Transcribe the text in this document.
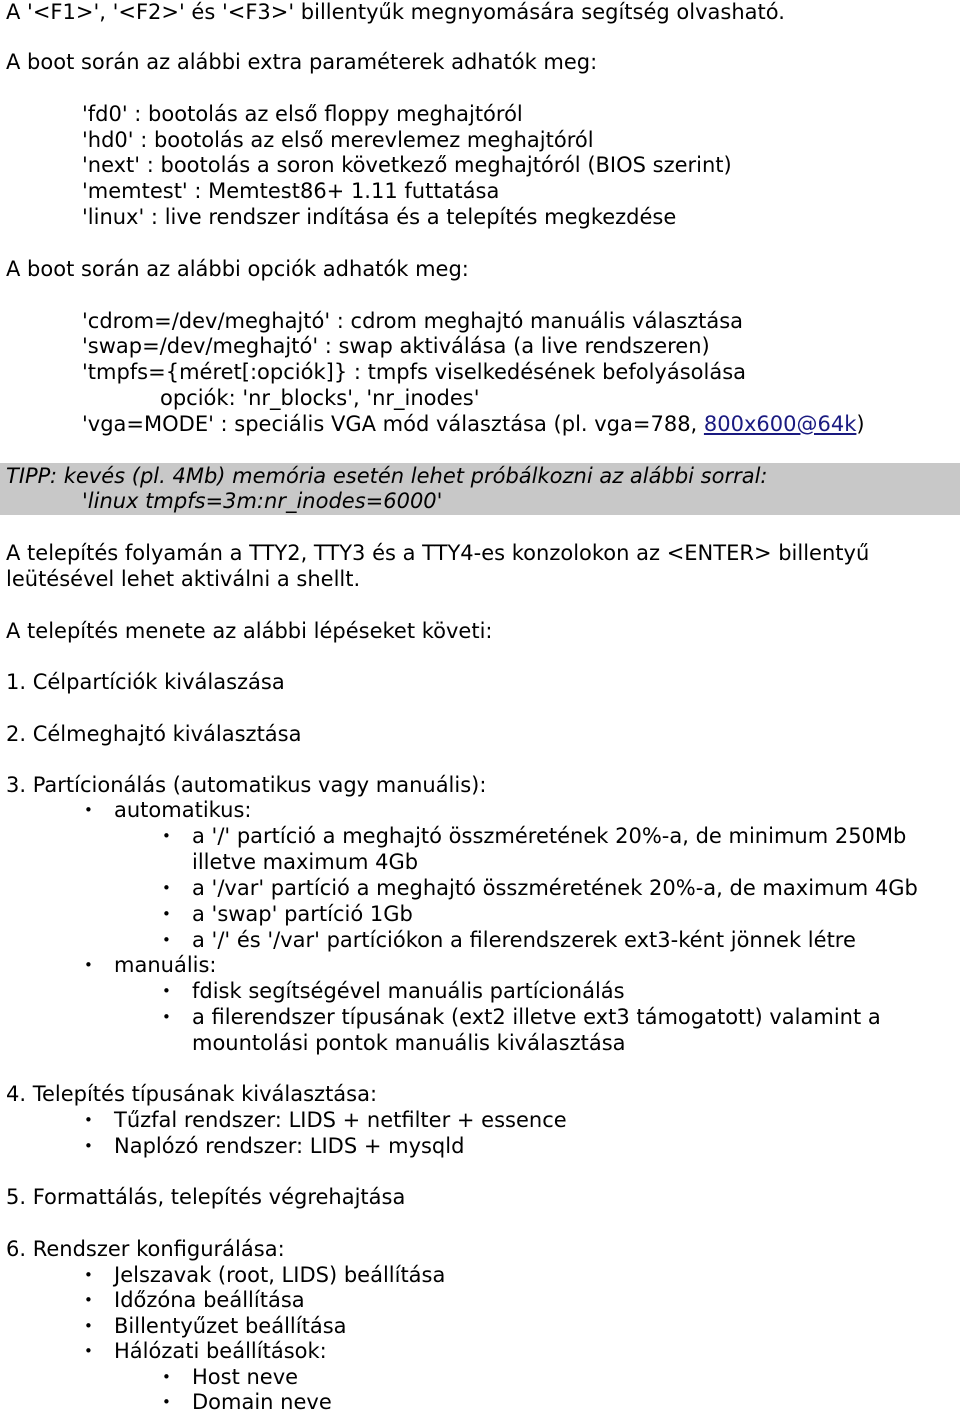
A '<F1>', '<F2>' és '<F3>' billentyűk megnyomására segítség olvasható.
A boot során az alábbi extra paraméterek adhatók meg:
'fd0' : bootolás az első floppy meghajtóról
'hd0' : bootolás az első merevlemez meghajtóról
'next' : bootolás a soron következő meghajtóról (BIOS szerint)
'memtest' : Memtest86+ 1.11 futtatása
'linux' : live rendszer indítása és a telepítés megkezdése
A boot során az alábbi opciók adhatók meg:
'cdrom=/dev/meghajtó' : cdrom meghajtó manuális választása
'swap=/dev/meghajtó' : swap aktiválása (a live rendszeren)
'tmpfs={méret[:opciók]} : tmpfs viselkedésének befolyásolása
opciók: 'nr_blocks', 'nr_inodes'
'vga=MODE' : speciális VGA mód választása (pl. vga=788, 800x600@64k)
TIPP: kevés (pl. 4Mb) memória esetén lehet próbálkozni az alábbi sorral:
'linux tmpfs=3m:nr_inodes=6000'
A telepítés folyamán a TTY2, TTY3 és a TTY4-es konzolokon az <ENTER> billentyű
leütésével lehet aktiválni a shellt.
A telepítés menete az alábbi lépéseket követi:
1. Célpartíciók kiválaszása
2. Célmeghajtó kiválasztása
3. Partícionálás (automatikus vagy manuális):
• automatikus:
• a '/' partíció a meghajtó összméretének 20%-a, de minimum 250Mb
illetve maximum 4Gb
• a '/var' partíció a meghajtó összméretének 20%-a, de maximum 4Gb
• a 'swap' partíció 1Gb
• a '/' és '/var' partíciókon a filerendszerek ext3-ként jönnek létre
• manuális:
• fdisk segítségével manuális partícionálás
• a filerendszer típusának (ext2 illetve ext3 támogatott) valamint a
mountolási pontok manuális kiválasztása
4. Telepítés típusának kiválasztása:
• Tűzfal rendszer: LIDS + netfilter + essence
• Naplózó rendszer: LIDS + mysqld
5. Formattálás, telepítés végrehajtása
6. Rendszer konfigurálása:
• Jelszavak (root, LIDS) beállítása
• Időzóna beállítása
• Billentyűzet beállítása
• Hálózati beállítások:
• Host neve
• Domain neve
